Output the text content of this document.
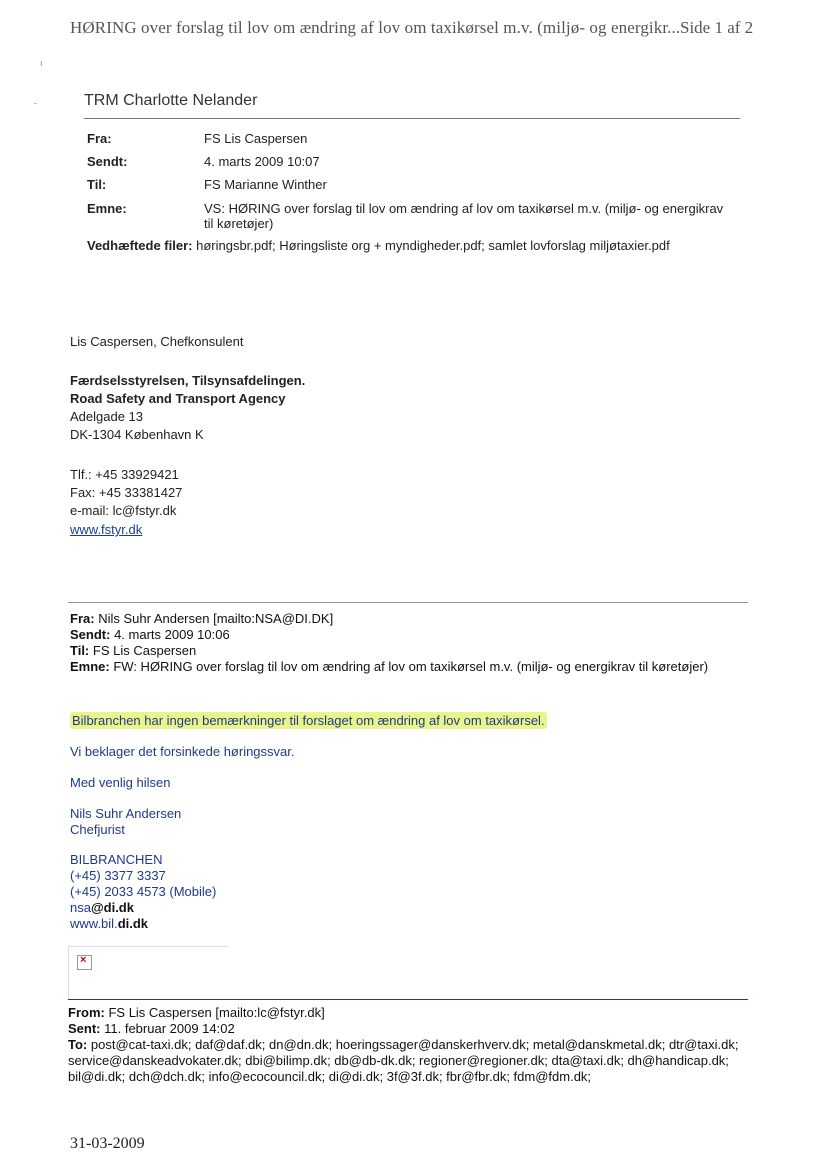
HØRING over forslag til lov om ændring af lov om taxikørsel m.v. (miljø- og energikr... Side 1 af 2
ı
-	TRM Charlotte Nelander
Fra:	FS Lis Caspersen
Sendt:	4. marts 2009 10:07
Til:	FS Marianne Winther
Emne:	VS: HØRING over forslag til lov om ændring af lov om taxikørsel m.v. (miljø- og energikrav til køretøjer)
Vedhæftede filer: høringsbr.pdf; Høringsliste org + myndigheder.pdf; samlet lovforslag miljøtaxier.pdf
Lis Caspersen, Chefkonsulent
Færdselsstyrelsen, Tilsynsafdelingen.
Road Safety and Transport Agency
Adelgade 13
DK-1304 København K
Tlf.: +45 33929421
Fax: +45 33381427
e-mail: lc@fstyr.dk
www.fstyr.dk
Fra: Nils Suhr Andersen [mailto:NSA@DI.DK]
Sendt: 4. marts 2009 10:06
Til: FS Lis Caspersen
Emne: FW: HØRING over forslag til lov om ændring af lov om taxikørsel m.v. (miljø- og energikrav til køretøjer)
Bilbranchen har ingen bemærkninger til forslaget om ændring af lov om taxikørsel.
Vi beklager det forsinkede høringssvar.
Med venlig hilsen
Nils Suhr Andersen
Chefjurist
BILBRANCHEN
(+45) 3377 3337
(+45) 2033 4573 (Mobile)
nsa@di.dk
www.bil.di.dk
×
From: FS Lis Caspersen [mailto:lc@fstyr.dk]
Sent: 11. februar 2009 14:02
To: post@cat-taxi.dk; daf@daf.dk; dn@dn.dk; hoeringssager@danskerhverv.dk; metal@danskmetal.dk; dtr@taxi.dk; service@danskeadvokater.dk; dbi@bilimp.dk; db@db-dk.dk; regioner@regioner.dk; dta@taxi.dk; dh@handicap.dk; bil@di.dk; dch@dch.dk; info@ecocouncil.dk; di@di.dk; 3f@3f.dk; fbr@fbr.dk; fdm@fdm.dk;
31-03-2009
